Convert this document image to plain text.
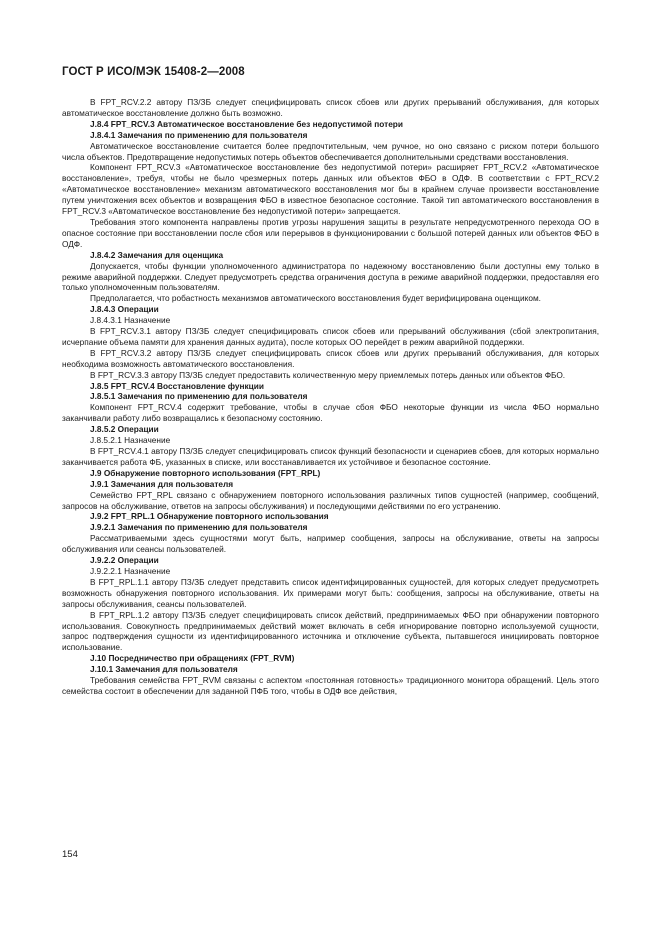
ГОСТ Р ИСО/МЭК 15408-2—2008

В FPT_RCV.2.2 автору ПЗ/ЗБ следует специфицировать список сбоев или других прерываний обслуживания, для которых автоматическое восстановление должно быть возможно.

J.8.4 FPT_RCV.3 Автоматическое восстановление без недопустимой потери

J.8.4.1 Замечания по применению для пользователя

Автоматическое восстановление считается более предпочтительным, чем ручное, но оно связано с риском потери большого числа объектов. Предотвращение недопустимых потерь объектов обеспечивается дополнительными средствами восстановления.

Компонент FPT_RCV.3 «Автоматическое восстановление без недопустимой потери» расширяет FPT_RCV.2 «Автоматическое восстановление», требуя, чтобы не было чрезмерных потерь данных или объектов ФБО в ОДФ. В соответствии с FPT_RCV.2 «Автоматическое восстановление» механизм автоматического восстановления мог бы в крайнем случае произвести восстановление путем уничтожения всех объектов и возвращения ФБО в известное безопасное состояние. Такой тип автоматического восстановления в FPT_RCV.3 «Автоматическое восстановление без недопустимой потери» запрещается.

Требования этого компонента направлены против угрозы нарушения защиты в результате непредусмотренного перехода ОО в опасное состояние при восстановлении после сбоя или перерывов в функционировании с большой потерей данных или объектов ФБО в ОДФ.

J.8.4.2 Замечания для оценщика

Допускается, чтобы функции уполномоченного администратора по надежному восстановлению были доступны ему только в режиме аварийной поддержки. Следует предусмотреть средства ограничения доступа в режиме аварийной поддержки, предоставляя его только уполномоченным пользователям.

Предполагается, что робастность механизмов автоматического восстановления будет верифицирована оценщиком.

J.8.4.3 Операции

J.8.4.3.1 Назначение

В FPT_RCV.3.1 автору ПЗ/ЗБ следует специфицировать список сбоев или прерываний обслуживания (сбой электропитания, исчерпание объема памяти для хранения данных аудита), после которых ОО перейдет в режим аварийной поддержки.

В FPT_RCV.3.2 автору ПЗ/ЗБ следует специфицировать список сбоев или других прерываний обслуживания, для которых необходима возможность автоматического восстановления.

В FPT_RCV.3.3 автору ПЗ/ЗБ следует предоставить количественную меру приемлемых потерь данных или объектов ФБО.

J.8.5 FPT_RCV.4 Восстановление функции

J.8.5.1 Замечания по применению для пользователя

Компонент FPT_RCV.4 содержит требование, чтобы в случае сбоя ФБО некоторые функции из числа ФБО нормально заканчивали работу либо возвращались к безопасному состоянию.

J.8.5.2 Операции

J.8.5.2.1 Назначение

В FPT_RCV.4.1 автору ПЗ/ЗБ следует специфицировать список функций безопасности и сценариев сбоев, для которых нормально заканчивается работа ФБ, указанных в списке, или восстанавливается их устойчивое и безопасное состояние.

J.9 Обнаружение повторного использования (FPT_RPL)

J.9.1 Замечания для пользователя

Семейство FPT_RPL связано с обнаружением повторного использования различных типов сущностей (например, сообщений, запросов на обслуживание, ответов на запросы обслуживания) и последующими действиями по его устранению.

J.9.2 FPT_RPL.1 Обнаружение повторного использования

J.9.2.1 Замечания по применению для пользователя

Рассматриваемыми здесь сущностями могут быть, например сообщения, запросы на обслуживание, ответы на запросы обслуживания или сеансы пользователей.

J.9.2.2 Операции

J.9.2.2.1 Назначение

В FPT_RPL.1.1 автору ПЗ/ЗБ следует представить список идентифицированных сущностей, для которых следует предусмотреть возможность обнаружения повторного использования. Их примерами могут быть: сообщения, запросы на обслуживание, ответы на запросы обслуживания, сеансы пользователей.

В FPT_RPL.1.2 автору ПЗ/ЗБ следует специфицировать список действий, предпринимаемых ФБО при обнаружении повторного использования. Совокупность предпринимаемых действий может включать в себя игнорирование повторно используемой сущности, запрос подтверждения сущности из идентифицированного источника и отключение субъекта, пытавшегося инициировать повторное использование.

J.10 Посредничество при обращениях (FPT_RVM)

J.10.1 Замечания для пользователя

Требования семейства FPT_RVM связаны с аспектом «постоянная готовность» традиционного монитора обращений. Цель этого семейства состоит в обеспечении для заданной ПФБ того, чтобы в ОДФ все действия,

154
